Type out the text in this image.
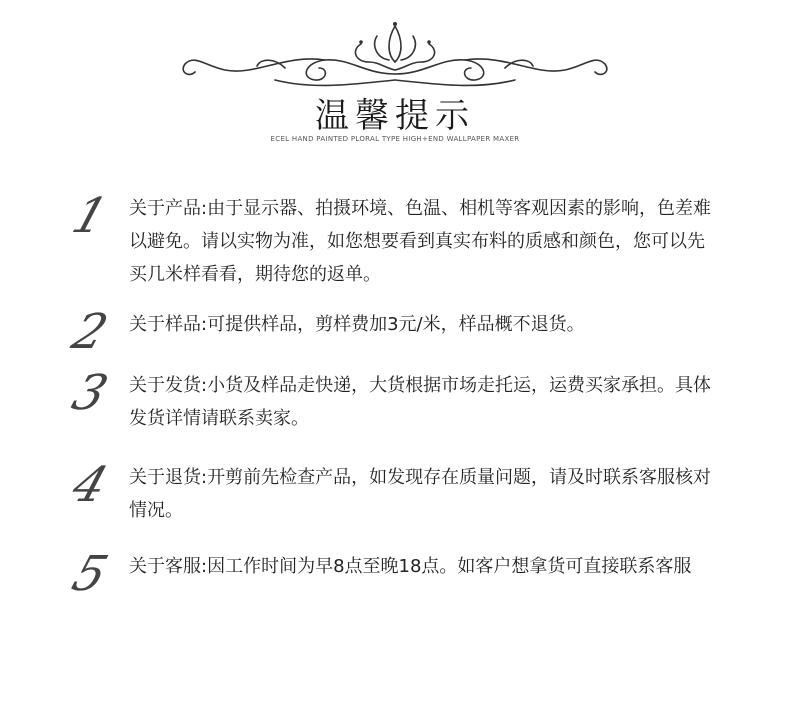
温馨提示
ECEL HAND PAINTED PLORAL TYPE HIGH+END WALLPAPER MAXER
1 关于产品:由于显示器、拍摄环境、色温、相机等客观因素的影响，色差难以避免。请以实物为准，如您想要看到真实布料的质感和颜色，您可以先买几米样看看，期待您的返单。
2 关于样品:可提供样品，剪样费加3元/米，样品概不退货。
3 关于发货:小货及样品走快递，大货根据市场走托运，运费买家承担。具体发货详情请联系卖家。
4 关于退货:开剪前先检查产品，如发现存在质量问题，请及时联系客服核对情况。
5 关于客服:因工作时间为早8点至晚18点。如客户想拿货可直接联系客服
